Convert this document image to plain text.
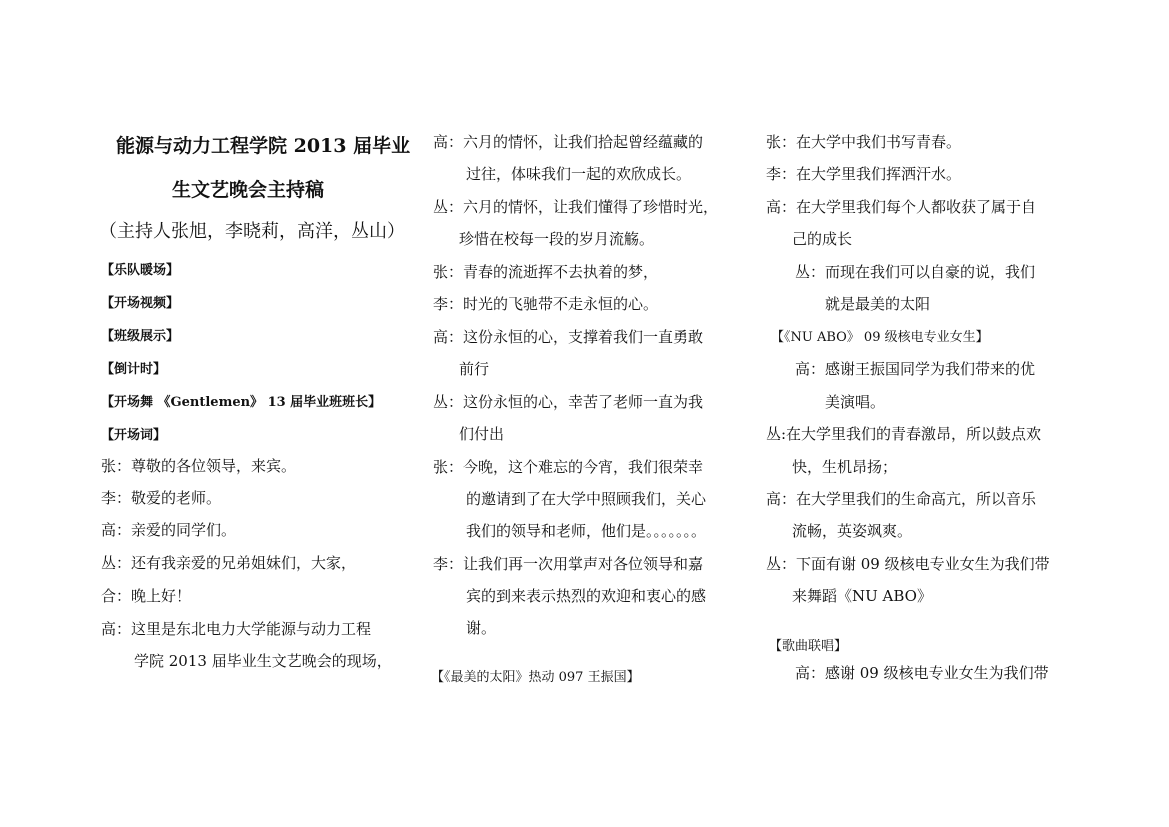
能源与动力工程学院 2013 届毕业
生文艺晚会主持稿
（主持人张旭，李晓莉，高洋，丛山）
【乐队暖场】
【开场视频】
【班级展示】
【倒计时】
【开场舞 《Gentlemen》 13 届毕业班班长】
【开场词】
张：尊敬的各位领导，来宾。
李：敬爱的老师。
高：亲爱的同学们。
丛：还有我亲爱的兄弟姐妹们，大家，
合：晚上好！
高：这里是东北电力大学能源与动力工程
学院 2013 届毕业生文艺晚会的现场，
高：六月的情怀，让我们拾起曾经蕴藏的
过往，体味我们一起的欢欣成长。
丛：六月的情怀，让我们懂得了珍惜时光，
珍惜在校每一段的岁月流觞。
张：青春的流逝挥不去执着的梦，
李：时光的飞驰带不走永恒的心。
高：这份永恒的心，支撑着我们一直勇敢
前行
丛：这份永恒的心，幸苦了老师一直为我
们付出
张：今晚，这个难忘的今宵，我们很荣幸
的邀请到了在大学中照顾我们，关心
我们的领导和老师，他们是。。。。。。。
李：让我们再一次用掌声对各位领导和嘉
宾的到来表示热烈的欢迎和衷心的感
谢。
【《最美的太阳》热动 097 王振国】
张：在大学中我们书写青春。
李：在大学里我们挥洒汗水。
高：在大学里我们每个人都收获了属于自
己的成长
丛：而现在我们可以自豪的说，我们
就是最美的太阳
【《NU ABO》 09 级核电专业女生】
高：感谢王振国同学为我们带来的优
美演唱。
丛:在大学里我们的青春激昂，所以鼓点欢
快，生机昂扬；
高：在大学里我们的生命高亢，所以音乐
流畅，英姿飒爽。
丛：下面有谢 09 级核电专业女生为我们带
来舞蹈《NU ABO》
【歌曲联唱】
高：感谢 09 级核电专业女生为我们带
